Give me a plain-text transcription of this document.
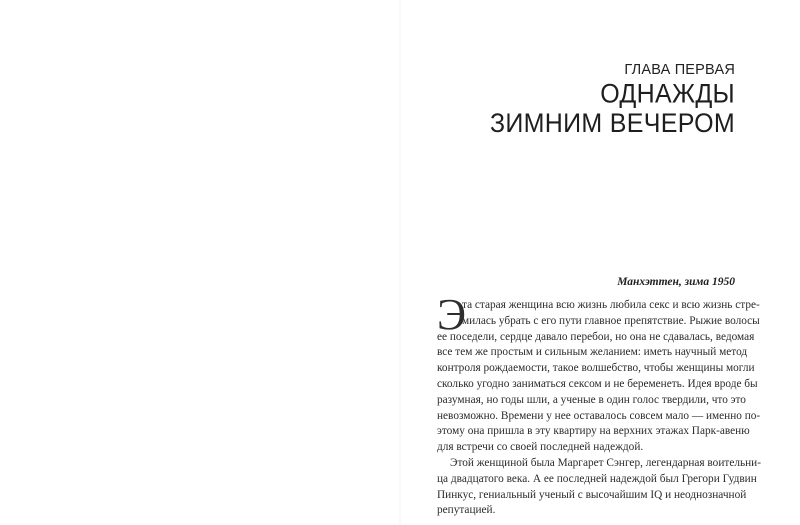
ГЛАВА ПЕРВАЯ
ОДНАЖДЫ
ЗИМНИМ ВЕЧЕРОМ
Манхэттен, зима 1950
Э
та старая женщина всю жизнь любила секс и всю жизнь стре-
милась убрать с его пути главное препятствие. Рыжие волосы
ее поседели, сердце давало перебои, но она не сдавалась, ведомая
все тем же простым и сильным желанием: иметь научный метод
контроля рождаемости, такое волшебство, чтобы женщины могли
сколько угодно заниматься сексом и не беременеть. Идея вроде бы
разумная, но годы шли, а ученые в один голос твердили, что это
невозможно. Времени у нее оставалось совсем мало — именно по-
этому она пришла в эту квартиру на верхних этажах Парк-авеню
для встречи со своей последней надеждой.
Этой женщиной была Маргарет Сэнгер, легендарная воительни-
ца двадцатого века. А ее последней надеждой был Грегори Гудвин
Пинкус, гениальный ученый с высочайшим IQ и неоднозначной
репутацией.
